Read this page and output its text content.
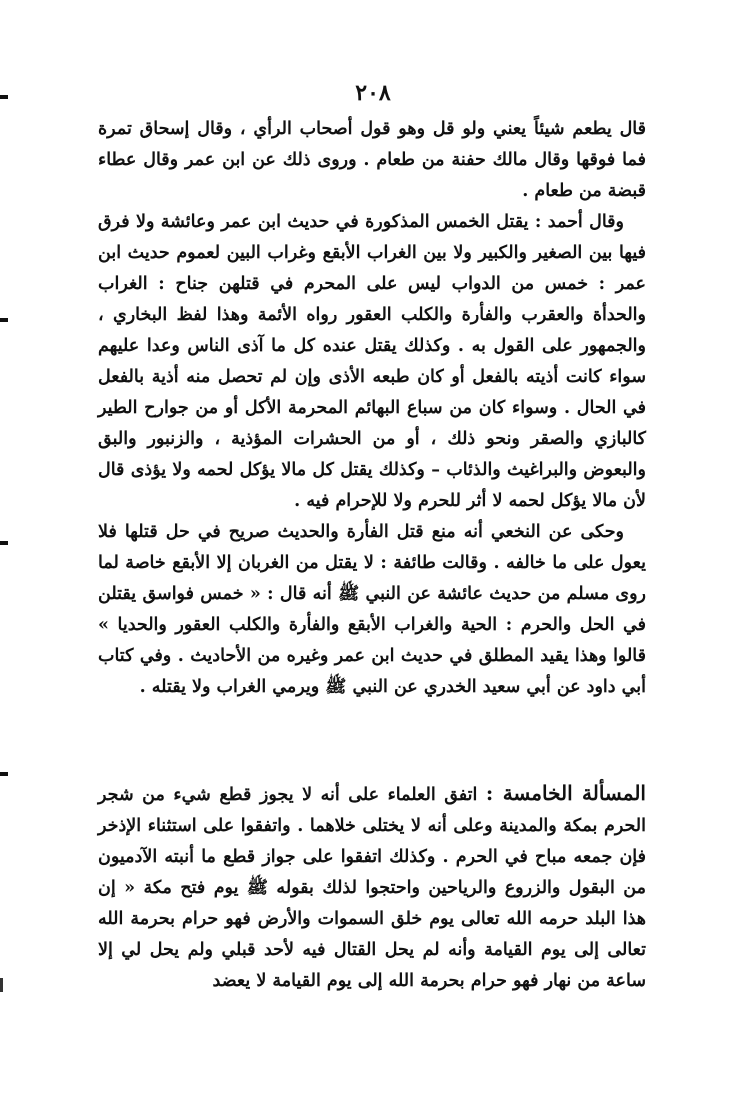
٢٠٨

قال يطعم شيئاً يعني ولو قل وهو قول أصحاب الرأي ، وقال إسحاق تمرة فما فوقها وقال مالك حفنة من طعام . وروى ذلك عن ابن عمر وقال عطاء قبضة من طعام .

وقال أحمد : يقتل الخمس المذكورة في حديث ابن عمر وعائشة ولا فرق فيها بين الصغير والكبير ولا بين الغراب الأبقع وغراب البين لعموم حديث ابن عمر : خمس من الدواب ليس على المحرم في قتلهن جناح : الغراب والحدأة والعقرب والفأرة والكلب العقور رواه الأئمة وهذا لفظ البخاري ، والجمهور على القول به . وكذلك يقتل عنده كل ما آذى الناس وعدا عليهم سواء كانت أذيته بالفعل أو كان طبعه الأذى وإن لم تحصل منه أذية بالفعل في الحال . وسواء كان من سباع البهائم المحرمة الأكل أو من جوارح الطير كالبازي والصقر ونحو ذلك ، أو من الحشرات المؤذية ، والزنبور والبق والبعوض والبراغيث والذئاب – وكذلك يقتل كل مالا يؤكل لحمه ولا يؤذى قال لأن مالا يؤكل لحمه لا أثر للحرم ولا للإحرام فيه .

وحكى عن النخعي أنه منع قتل الفأرة والحديث صريح في حل قتلها فلا يعول على ما خالفه . وقالت طائفة : لا يقتل من الغربان إلا الأبقع خاصة لما روى مسلم من حديث عائشة عن النبي ﷺ أنه قال : « خمس فواسق يقتلن في الحل والحرم : الحية والغراب الأبقع والفأرة والكلب العقور والحديا » قالوا وهذا يقيد المطلق في حديث ابن عمر وغيره من الأحاديث . وفي كتاب أبي داود عن أبي سعيد الخدري عن النبي ﷺ ويرمي الغراب ولا يقتله .

المسألة الخامسة : اتفق العلماء على أنه لا يجوز قطع شيء من شجر الحرم بمكة والمدينة وعلى أنه لا يختلى خلاهما . واتفقوا على استثناء الإذخر فإن جمعه مباح في الحرم . وكذلك اتفقوا على جواز قطع ما أنبته الآدميون من البقول والزروع والرياحين واحتجوا لذلك بقوله ﷺ يوم فتح مكة « إن هذا البلد حرمه الله تعالى يوم خلق السموات والأرض فهو حرام بحرمة الله تعالى إلى يوم القيامة وأنه لم يحل القتال فيه لأحد قبلي ولم يحل لي إلا ساعة من نهار فهو حرام بحرمة الله إلى يوم القيامة لا يعضد
